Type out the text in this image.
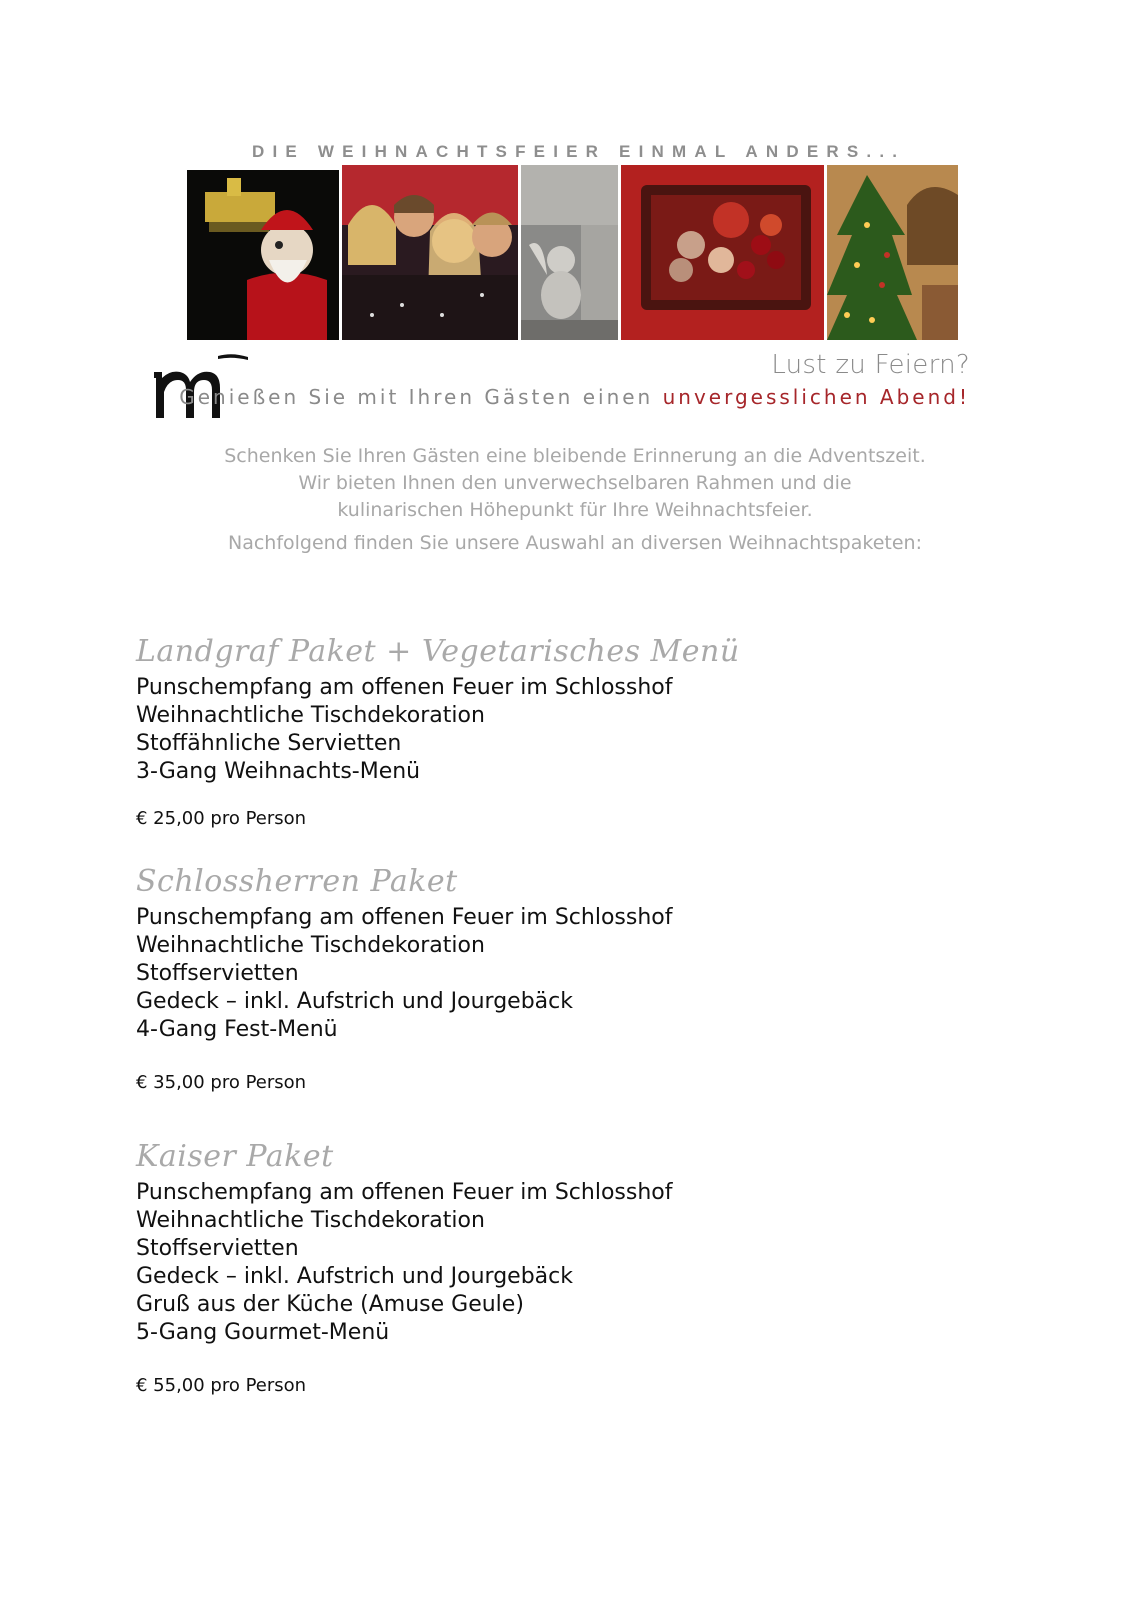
DIE WEIHNACHTSFEIER EINMAL ANDERS...
Lust zu Feiern?
Genießen Sie mit Ihren Gästen einen unvergesslichen Abend!
Schenken Sie Ihren Gästen eine bleibende Erinnerung an die Adventszeit.
Wir bieten Ihnen den unverwechselbaren Rahmen und die
kulinarischen Höhepunkt für Ihre Weihnachtsfeier.
Nachfolgend finden Sie unsere Auswahl an diversen Weihnachtspaketen:
Landgraf Paket + Vegetarisches Menü
Punschempfang am offenen Feuer im Schlosshof
Weihnachtliche Tischdekoration
Stoffähnliche Servietten
3-Gang Weihnachts-Menü
€ 25,00 pro Person
Schlossherren Paket
Punschempfang am offenen Feuer im Schlosshof
Weihnachtliche Tischdekoration
Stoffservietten
Gedeck – inkl. Aufstrich und Jourgebäck
4-Gang Fest-Menü
€ 35,00 pro Person
Kaiser Paket
Punschempfang am offenen Feuer im Schlosshof
Weihnachtliche Tischdekoration
Stoffservietten
Gedeck – inkl. Aufstrich und Jourgebäck
Gruß aus der Küche (Amuse Geule)
5-Gang Gourmet-Menü
€ 55,00 pro Person
